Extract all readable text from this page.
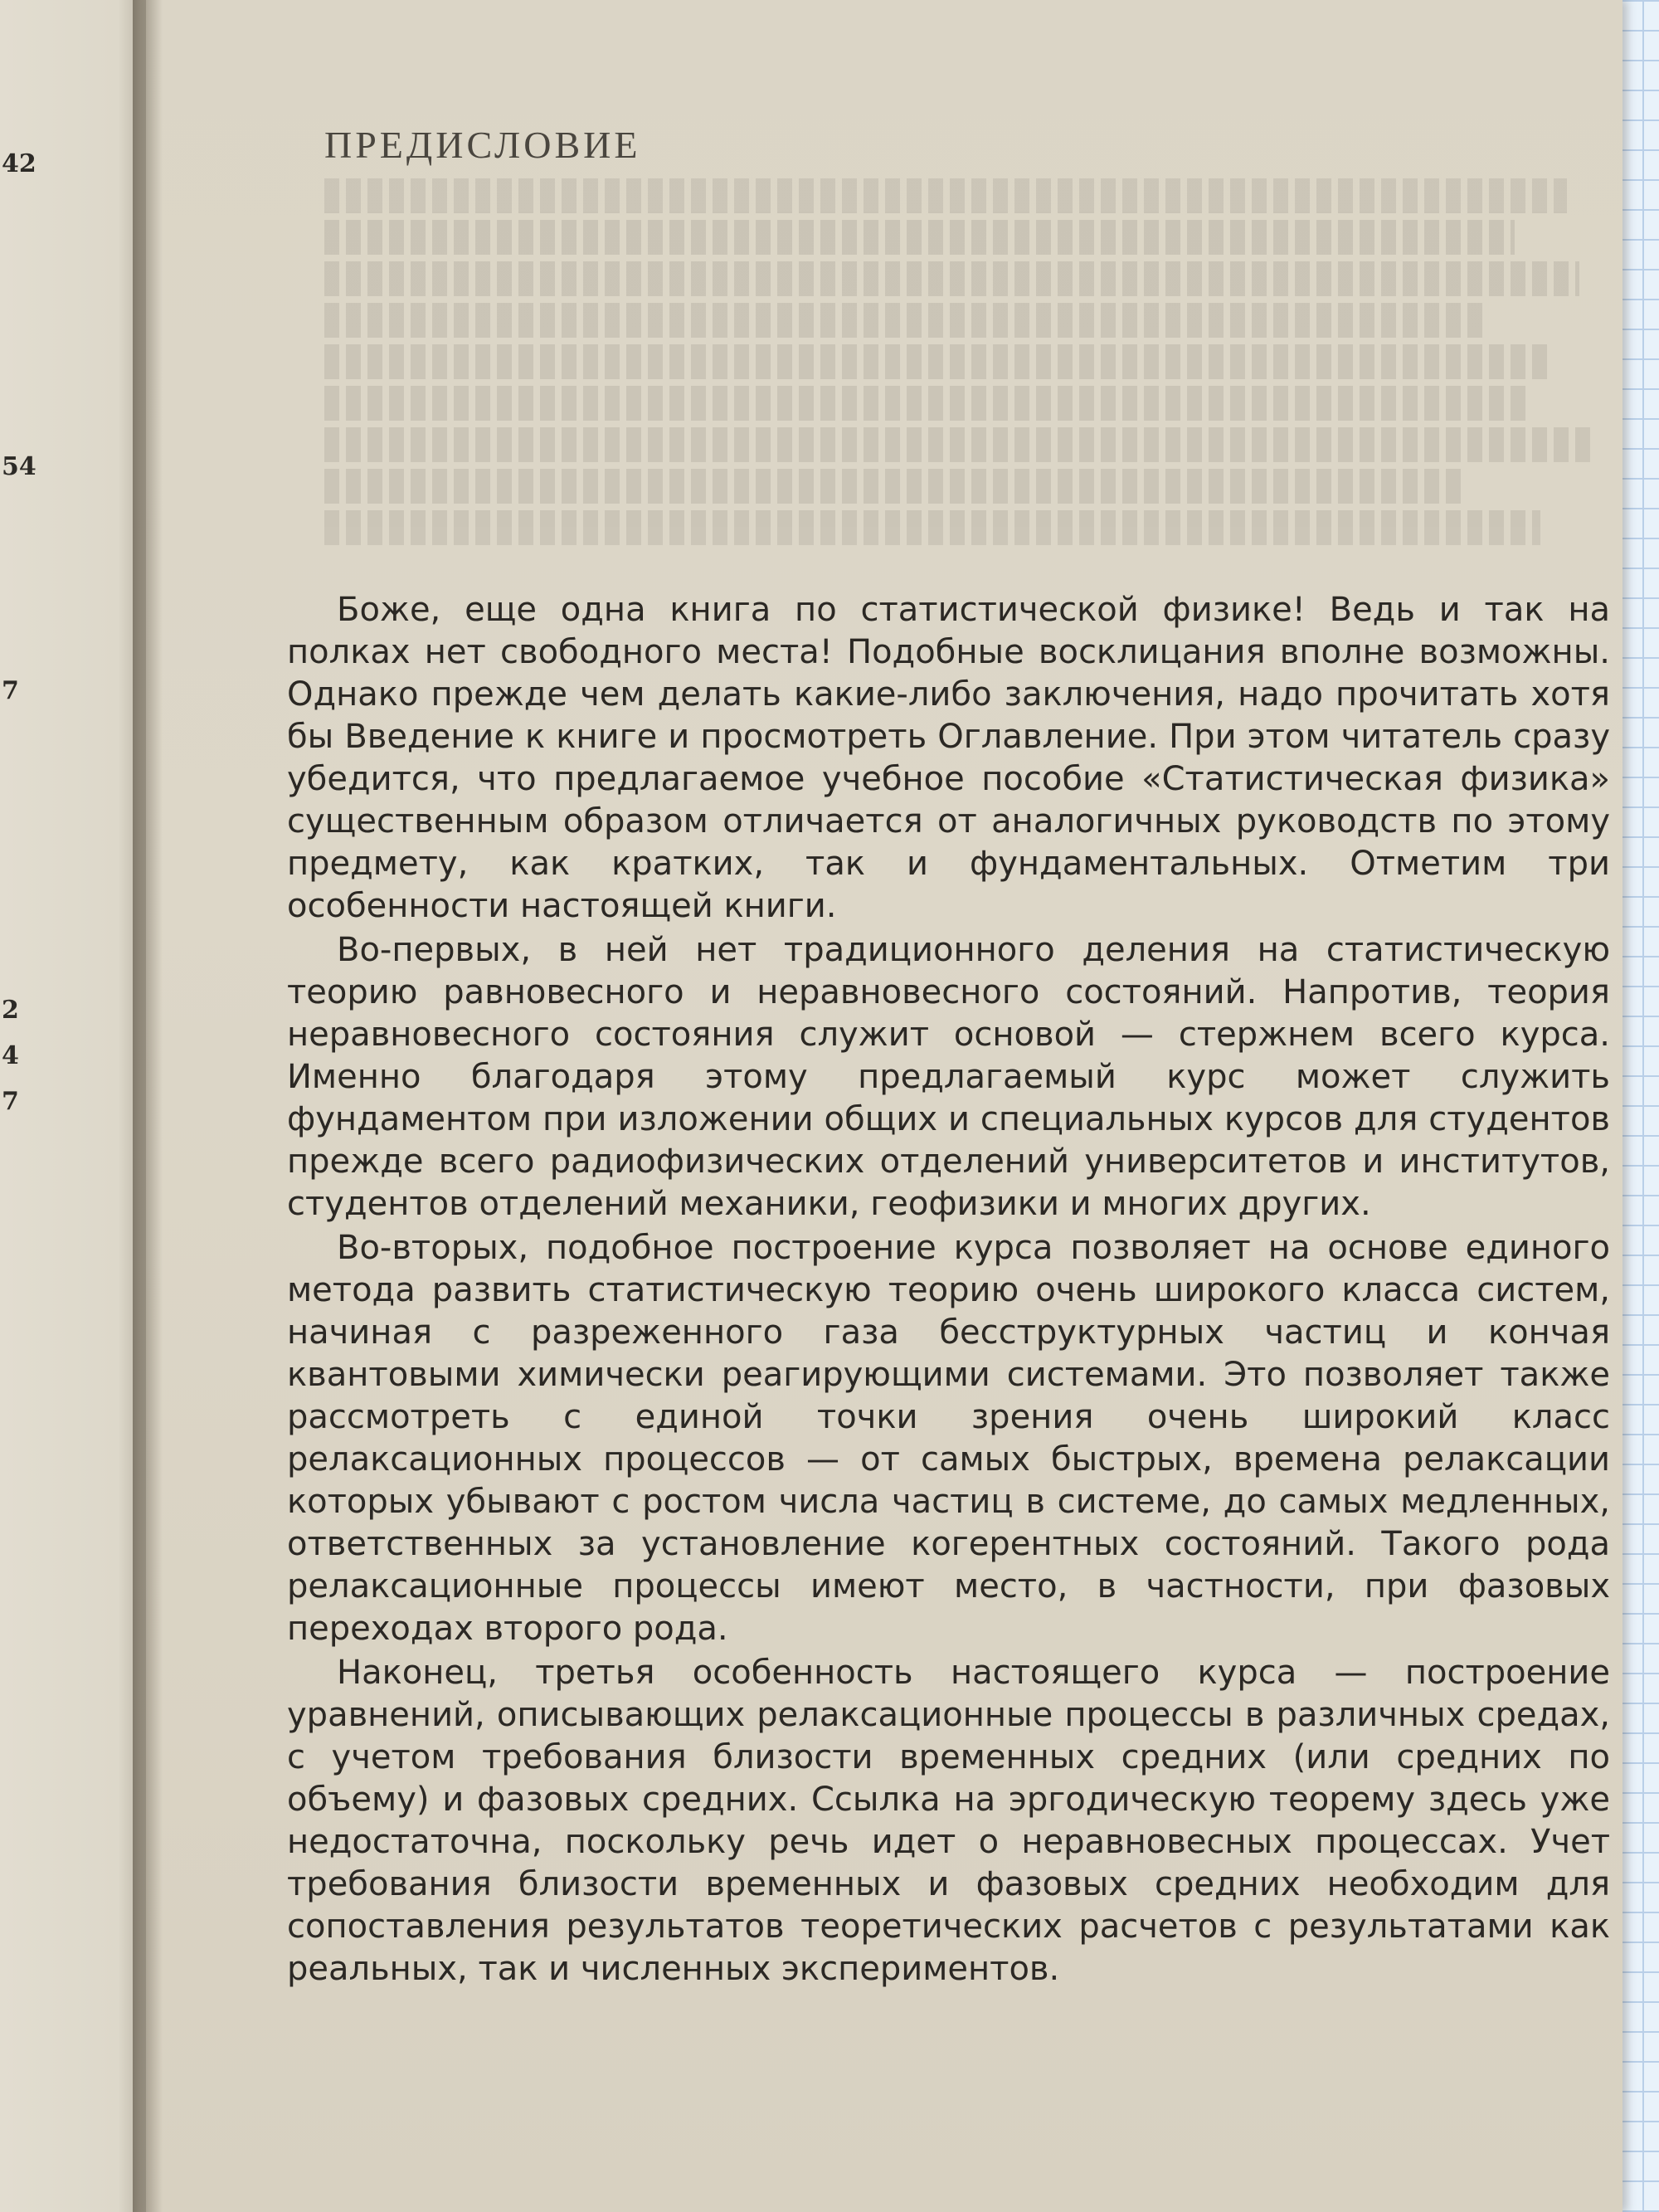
42
54
7
2
4
7
ПРЕДИСЛОВИЕ

Боже, еще одна книга по статистической физике! Ведь и так на полках нет свободного места! Подобные восклицания вполне возможны. Однако прежде чем делать какие-либо заключения, надо прочитать хотя бы Введение к книге и просмотреть Оглавление. При этом читатель сразу убедится, что предлагаемое учебное пособие «Статистическая физика» существенным образом отличается от аналогичных руководств по этому предмету, как кратких, так и фундаментальных. Отметим три особенности настоящей книги.

Во-первых, в ней нет традиционного деления на статистическую теорию равновесного и неравновесного состояний. Напротив, теория неравновесного состояния служит основой — стержнем всего курса. Именно благодаря этому предлагаемый курс может служить фундаментом при изложении общих и специальных курсов для студентов прежде всего радиофизических отделений университетов и институтов, студентов отделений механики, геофизики и многих других.

Во-вторых, подобное построение курса позволяет на основе единого метода развить статистическую теорию очень широкого класса систем, начиная с разреженного газа бесструктурных частиц и кончая квантовыми химически реагирующими системами. Это позволяет также рассмотреть с единой точки зрения очень широкий класс релаксационных процессов — от самых быстрых, времена релаксации которых убывают с ростом числа частиц в системе, до самых медленных, ответственных за установление когерентных состояний. Такого рода релаксационные процессы имеют место, в частности, при фазовых переходах второго рода.

Наконец, третья особенность настоящего курса — построение уравнений, описывающих релаксационные процессы в различных средах, с учетом требования близости временных средних (или средних по объему) и фазовых средних. Ссылка на эргодическую теорему здесь уже недостаточна, поскольку речь идет о неравновесных процессах. Учет требования близости временных и фазовых средних необходим для сопоставления результатов теоретических расчетов с результатами как реальных, так и численных экспериментов.
